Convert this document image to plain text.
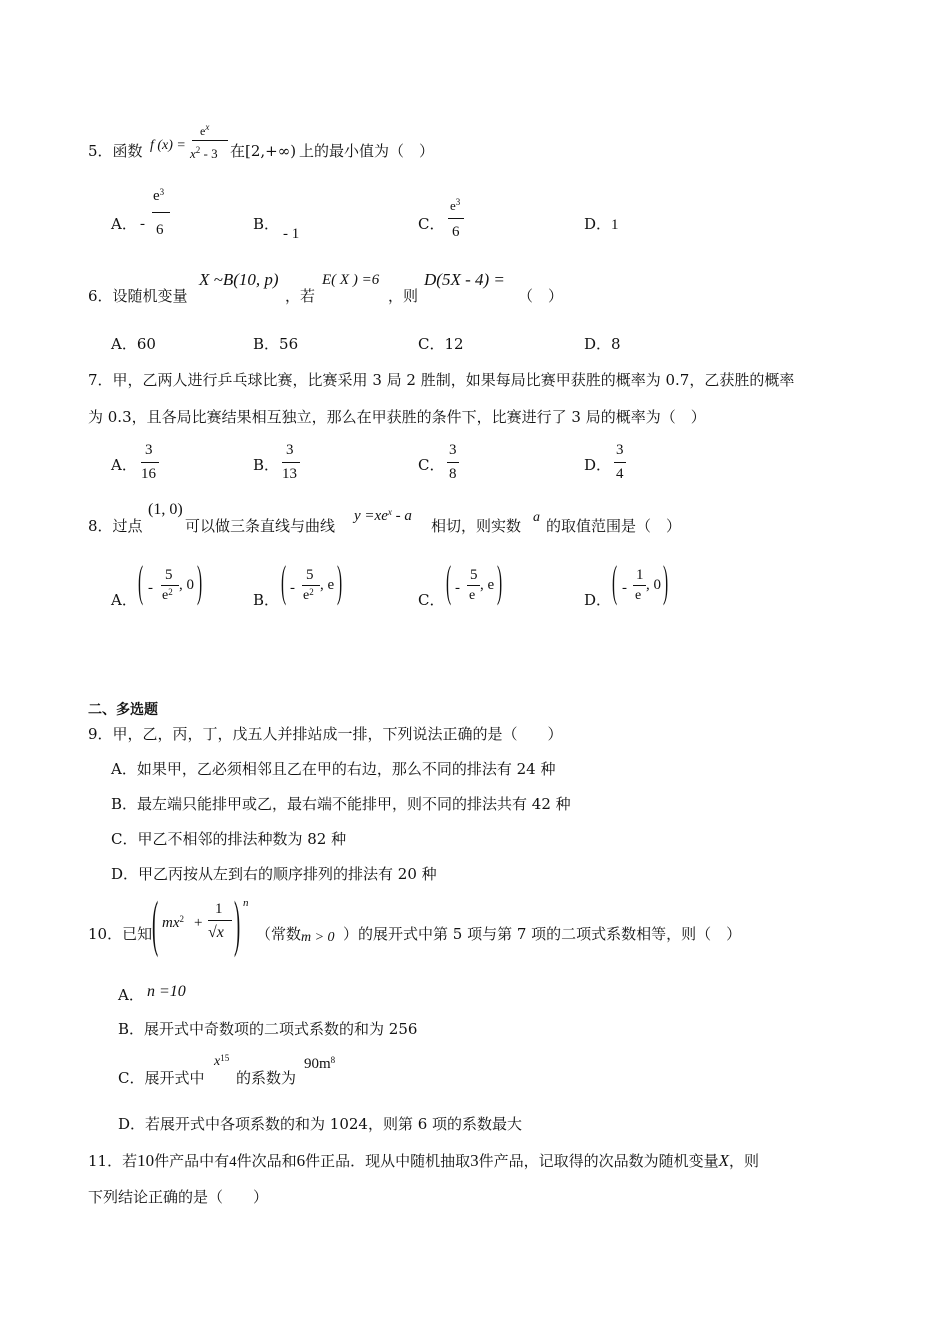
5．函数 f (x) =
$e^x$
$x^2 - 3$ 在[2,+∞) 上的最小值为（　）
A． -
$e^3$
6	B．
- 1
C．
$e^3$
6	D．1
6．设随机变量
X ~B(10, p)
，若
E( X ) =6
，则
D(5X - 4) =
（　）
A．60	B．56	C．12	D．8
7．甲，乙两人进行乒乓球比赛，比赛采用 3 局 2 胜制，如果每局比赛甲获胜的概率为 0.7，乙获胜的概率
为 0.3，且各局比赛结果相互独立，那么在甲获胜的条件下，比赛进行了 3 局的概率为（　）
A．
3
16	B．
3
13	C．
3
8	D．
3
4
8．过点
(1, 0)
可以做三条直线与曲线
$y =xe^x - a$
相切，则实数 a 的取值范围是（　）
A． ( -
5
$e^2$ , 0 )	B． ( -
5
$e^2$ , e )	C． ( -
5
e
, e )	D． ( -
1
e
, 0 )
二、多选题
9．甲，乙，丙，丁，戊五人并排站成一排，下列说法正确的是（　　）
A．如果甲，乙必须相邻且乙在甲的右边，那么不同的排法有 24 种
B．最左端只能排甲或乙，最右端不能排甲，则不同的排法共有 42 种
C．甲乙不相邻的排法种数为 82 种
D．甲乙丙按从左到右的顺序排列的排法有 20 种
10．已知 ( $mx^2$ +
1
√x ) n
（常数 m > 0 ）的展开式中第 5 项与第 7 项的二项式系数相等，则（　）
A． n =10
B．展开式中奇数项的二项式系数的和为 256
C．展开式中
$x^{15}$
的系数为
$90m^8$
D．若展开式中各项系数的和为 1024，则第 6 项的系数最大
11．若10件产品中有4件次品和6件正品．现从中随机抽取3件产品，记取得的次品数为随机变量X，则
下列结论正确的是（　　）
